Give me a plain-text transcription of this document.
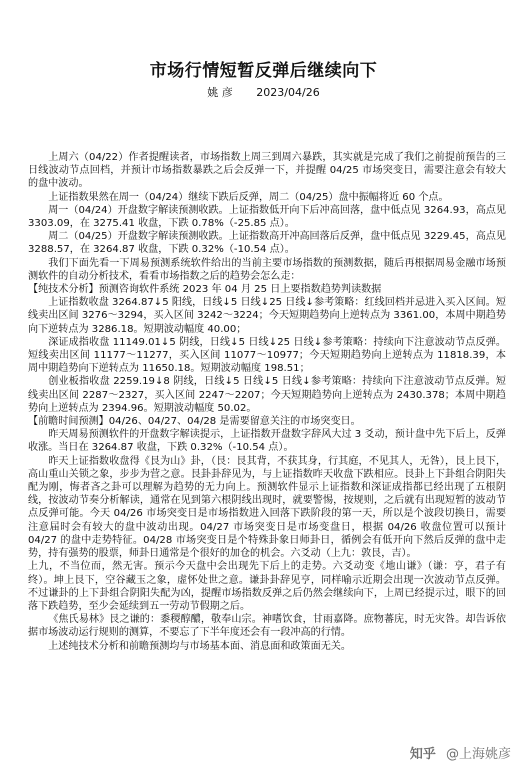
市场行情短暂反弹后继续向下
姚 彦 2023/04/26

上周六（04/22）作者提醒读者，市场指数上周三到周六暴跌，其实就是完成了我们之前提前预告的三日线波动节点回档，并预计市场指数暴跌之后会反弹一下，并提醒 04/25 市场突变日，需要注意会有较大的盘中波动。

上证指数果然在周一（04/24）继续下跌后反弹，周二（04/25）盘中振幅将近 60 个点。

周一（04/24）开盘数字解读预测收跌。上证指数低开向下后冲高回落，盘中低点见 3264.93，高点见 3303.09，在 3275.41 收盘，下跌 0.78%（-25.85 点）。

周二（04/25）开盘数字解读预测收跌。上证指数高开冲高回落后反弹，盘中低点见 3229.45，高点见 3288.57，在 3264.87 收盘，下跌 0.32%（-10.54 点）。

我们下面先看一下周易预测系统软件给出的当前主要市场指数的预测数据，随后再根据周易金融市场预测软件的自动分析技术，看看市场指数之后的趋势会怎么走：

【纯技术分析】预测咨询软件系统 2023 年 04 月 25 日上要指数趋势判读数据

上证指数收盘 3264.87↓5 阳线，日线↓5 日线↓25 日线↓参考策略：红线回档并忌进入买入区间。短线卖出区间 3276～3294，买入区间 3242～3224；今天短期趋势向上逆转点为 3361.00，本周中期趋势向下逆转点为 3286.18。短期波动幅度 40.00；

深证成指收盘 11149.01↓5 阴线，日线↓5 日线↓25 日线↓参考策略：持续向下注意波动节点反弹。短线卖出区间 11177～11277，买入区间 11077～10977；今天短期趋势向上逆转点为 11818.39，本周中期趋势向下逆转点为 11650.18。短期波动幅度 198.51；

创业板指收盘 2259.19↓8 阴线，日线↓5 日线↓5 日线↓参考策略：持续向下注意波动节点反弹。短线卖出区间 2287～2327，买入区间 2247～2207；今天短期趋势向上逆转点为 2430.378；本周中期趋势向上逆转点为 2394.96。短期波动幅度 50.02。

【前瞻时间预测】04/26、04/27、04/28 是需要留意关注的市场突变日。

昨天周易预测软件的开盘数字解读提示，上证指数开盘数字辞风大过 3 爻动，预计盘中先下后上，反弹收涨。当日在 3264.87 收盘，下跌 0.32%（-10.54 点）。

昨天上证指数收盘得《艮为山》卦，（艮：艮其背，不获其身，行其庭，不见其人，无咎），艮上艮下，高山重山关锁之象，步步为营之意。艮卦卦辞见为，与上证指数昨天收盘下跌相应。艮卦上下卦组合阴阳失配为刚，悔者吝之卦可以理解为趋势的无力向上。预测软件显示上证指数和深证成指都已经出现了五根阴线，按波动节奏分析解读，通常在见到第六根阴线出现时，就要警惕，按规则，之后就有出现短暂的波动节点反弹可能。今天 04/26 市场突变日是市场指数进入回落下跌阶段的第一天，所以是个波段切换日，需要注意届时会有较大的盘中波动出现。04/27 市场突变日是市场变盘日，根据 04/26 收盘位置可以预计 04/27 的盘中走势特征。04/28 市场突变日是个特殊卦象日师卦日，循例会有低开向下然后反弹的盘中走势，持有强势的股票，师卦日通常是个很好的加仓的机会。六爻动（上九：敦艮，吉）。

上九，不当位而，然无害。预示今天盘中会出现先下后上的走势。六爻动变《地山谦》（谦：亨，君子有终）。坤上艮下，空谷藏玉之象，虚怀处世之意。谦卦卦辞见亨，同样喻示近期会出现一次波动节点反弹。不过谦卦的上下卦组合阴阳失配为凶，提醒市场指数反弹之后仍然会继续向下，上周已经提示过，眼下的回落下跌趋势，至少会延续到五一劳动节假期之后。

《焦氏易林》艮之谦的：黍稷醇醲，敬奉山宗。神嗜饮食，甘雨嘉降。庶物蕃庑，时无灾咎。却告诉依据市场波动运行规则的测算，不要忘了下半年度还会有一段冲高的行情。

上述纯技术分析和前瞻预测均与市场基本面、消息面和政策面无关。

知乎 @上海姚彦
